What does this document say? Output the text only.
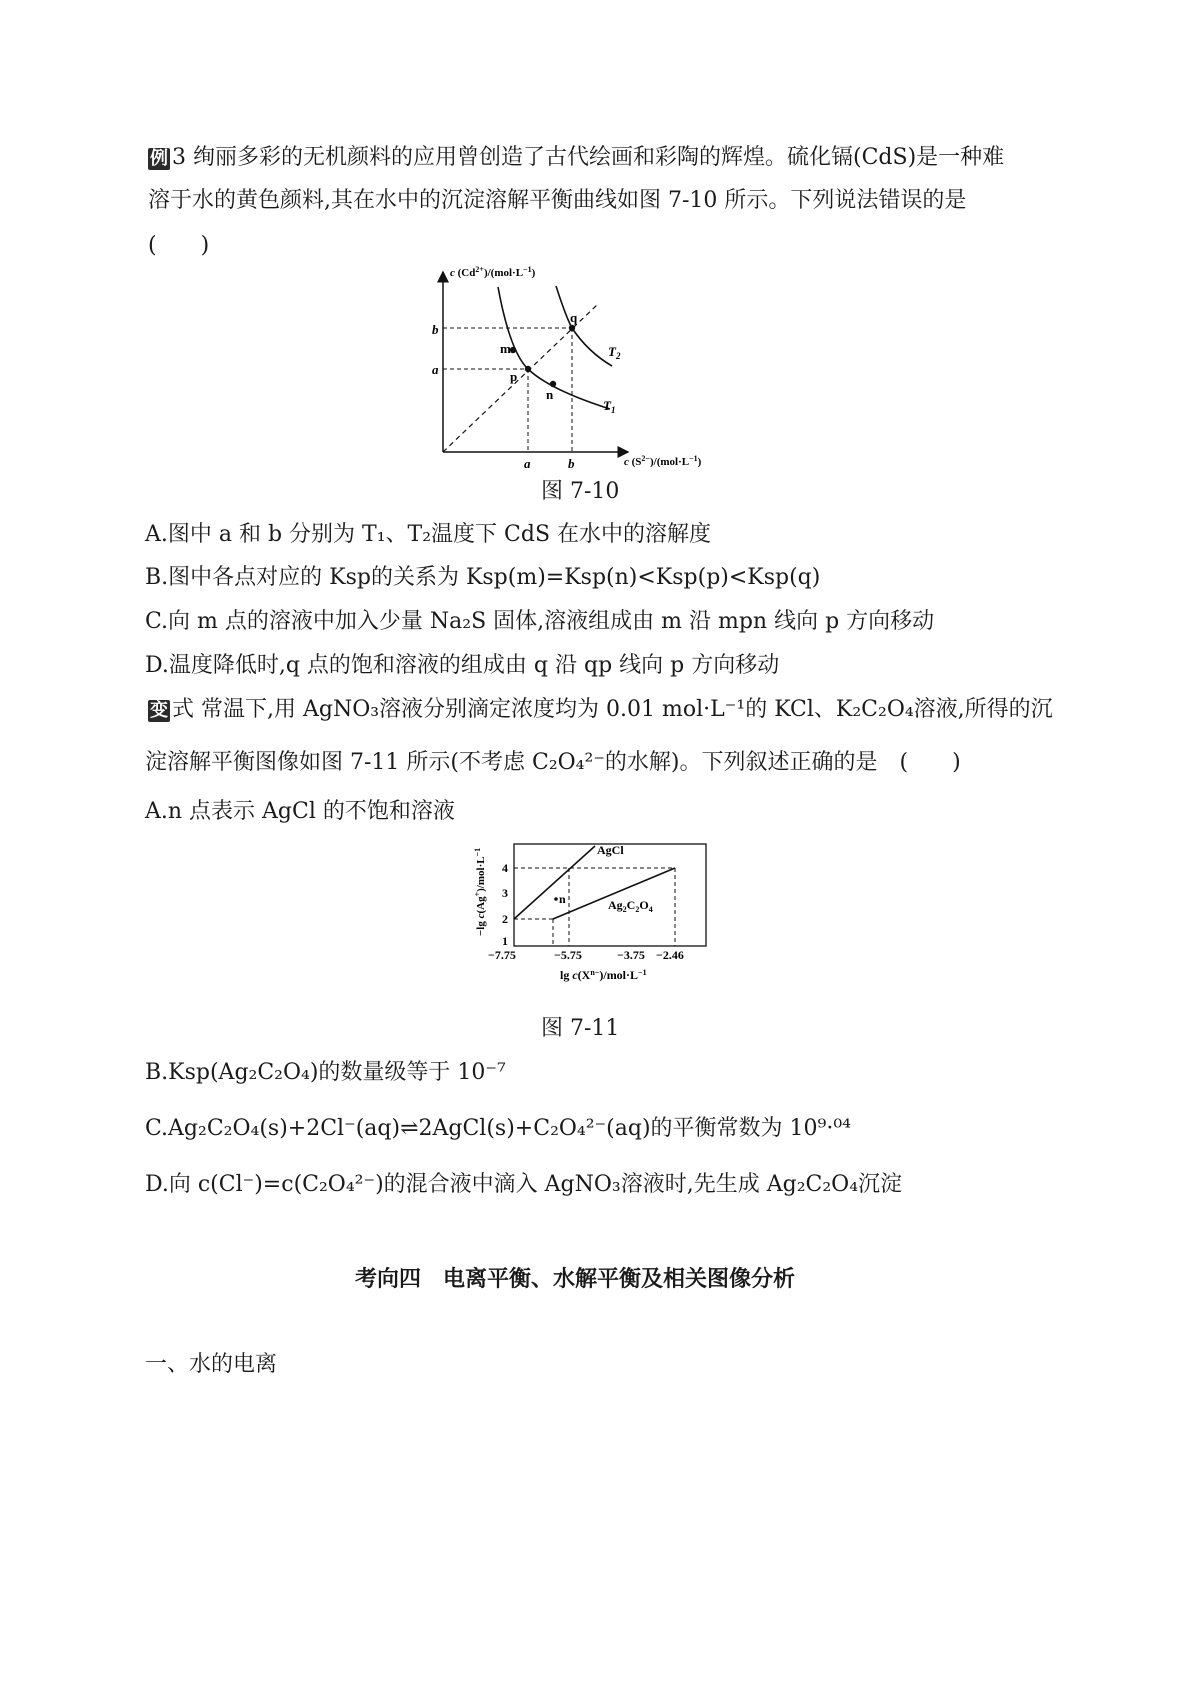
例 3 绚丽多彩的无机颜料的应用曾创造了古代绘画和彩陶的辉煌。硫化镉(CdS)是一种难
溶于水的黄色颜料,其在水中的沉淀溶解平衡曲线如图 7-10 所示。下列说法错误的是
(　　)
m
p
n
q
$T_2$
$T_1$
b
a
a	b
c $(Cd^{2+})/(mol\cdot L^{-1})$
c $(S^{2-})/(mol\cdot L^{-1})$
图 7-10
A.图中 a 和 b 分别为 T₁、T₂温度下 CdS 在水中的溶解度
B.图中各点对应的 Ksp的关系为 Ksp(m)=Ksp(n)<Ksp(p)<Ksp(q)
C.向 m 点的溶液中加入少量 Na₂S 固体,溶液组成由 m 沿 mpn 线向 p 方向移动
D.温度降低时,q 点的饱和溶液的组成由 q 沿 qp 线向 p 方向移动
变 式 常温下,用 AgNO₃溶液分别滴定浓度均为 0.01 mol·L⁻¹的 KCl、K₂C₂O₄溶液,所得的沉
淀溶解平衡图像如图 7-11 所示(不考虑 C₂O₄²⁻的水解)。下列叙述正确的是　(　　)
A.n 点表示 AgCl 的不饱和溶液
n
AgCl
$Ag_2C_2O_4$
4
3
2
1
−7.75	−5.75	−3.75 −2.46
−lg $c(Ag^+)/mol\cdot L^{-1}$
$\lg c(X^{n-})/mol\cdot L^{-1}$
图 7-11
B.Ksp(Ag₂C₂O₄)的数量级等于 10⁻⁷
C.Ag₂C₂O₄(s)+2Cl⁻(aq)⇌2AgCl(s)+C₂O₄²⁻(aq)的平衡常数为 10⁹·⁰⁴
D.向 c(Cl⁻)=c(C₂O₄²⁻)的混合液中滴入 AgNO₃溶液时,先生成 Ag₂C₂O₄沉淀
考向四　电离平衡、水解平衡及相关图像分析
一、水的电离
